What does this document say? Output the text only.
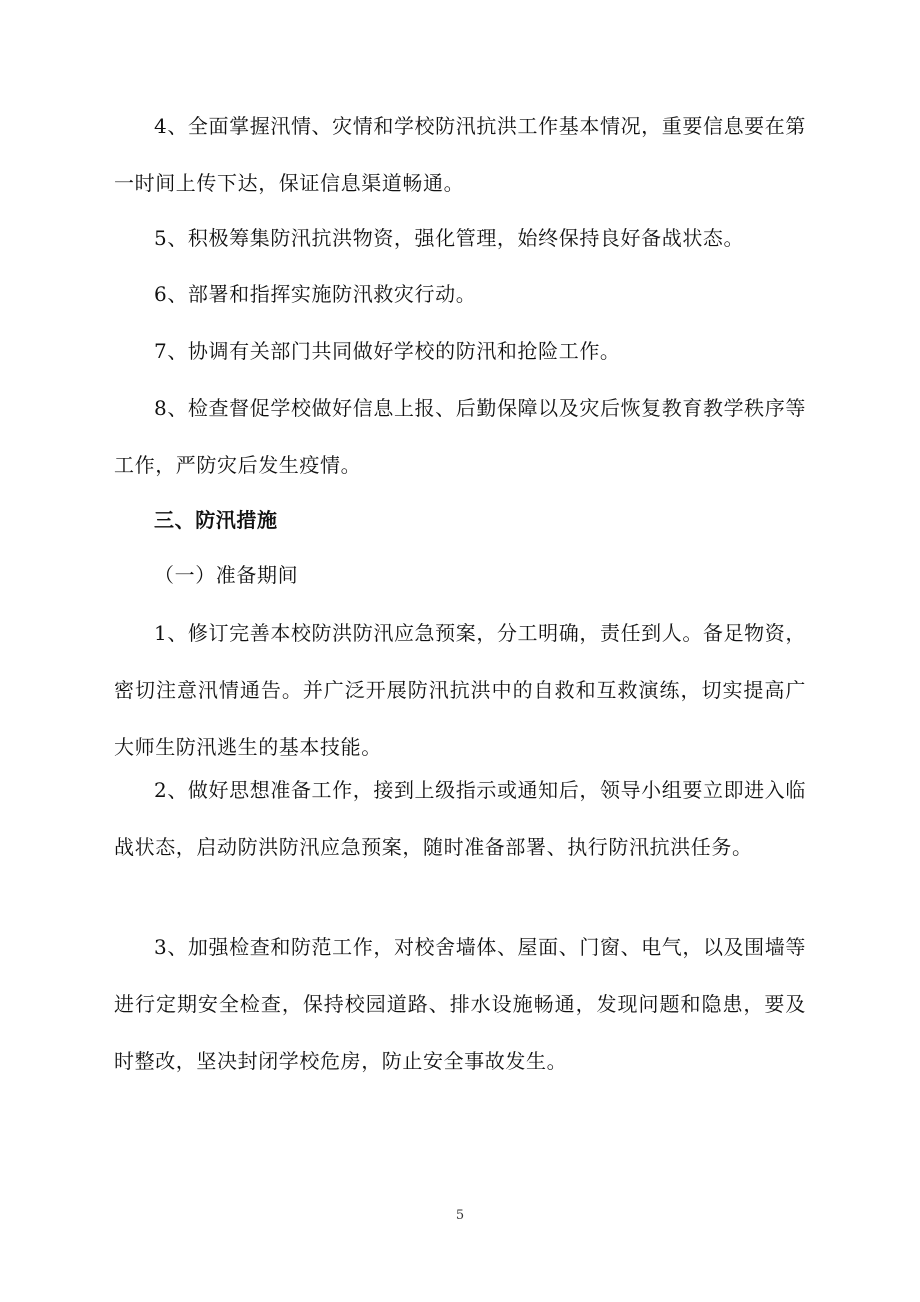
4、全面掌握汛情、灾情和学校防汛抗洪工作基本情况，重要信息要在第一时间上传下达，保证信息渠道畅通。

5、积极筹集防汛抗洪物资，强化管理，始终保持良好备战状态。

6、部署和指挥实施防汛救灾行动。

7、协调有关部门共同做好学校的防汛和抢险工作。

8、检查督促学校做好信息上报、后勤保障以及灾后恢复教育教学秩序等工作，严防灾后发生疫情。

三、防汛措施

（一）准备期间

1、修订完善本校防洪防汛应急预案，分工明确，责任到人。备足物资，密切注意汛情通告。并广泛开展防汛抗洪中的自救和互救演练，切实提高广大师生防汛逃生的基本技能。

2、做好思想准备工作，接到上级指示或通知后，领导小组要立即进入临战状态，启动防洪防汛应急预案，随时准备部署、执行防汛抗洪任务。

3、加强检查和防范工作，对校舍墙体、屋面、门窗、电气，以及围墙等进行定期安全检查，保持校园道路、排水设施畅通，发现问题和隐患，要及时整改，坚决封闭学校危房，防止安全事故发生。

5
